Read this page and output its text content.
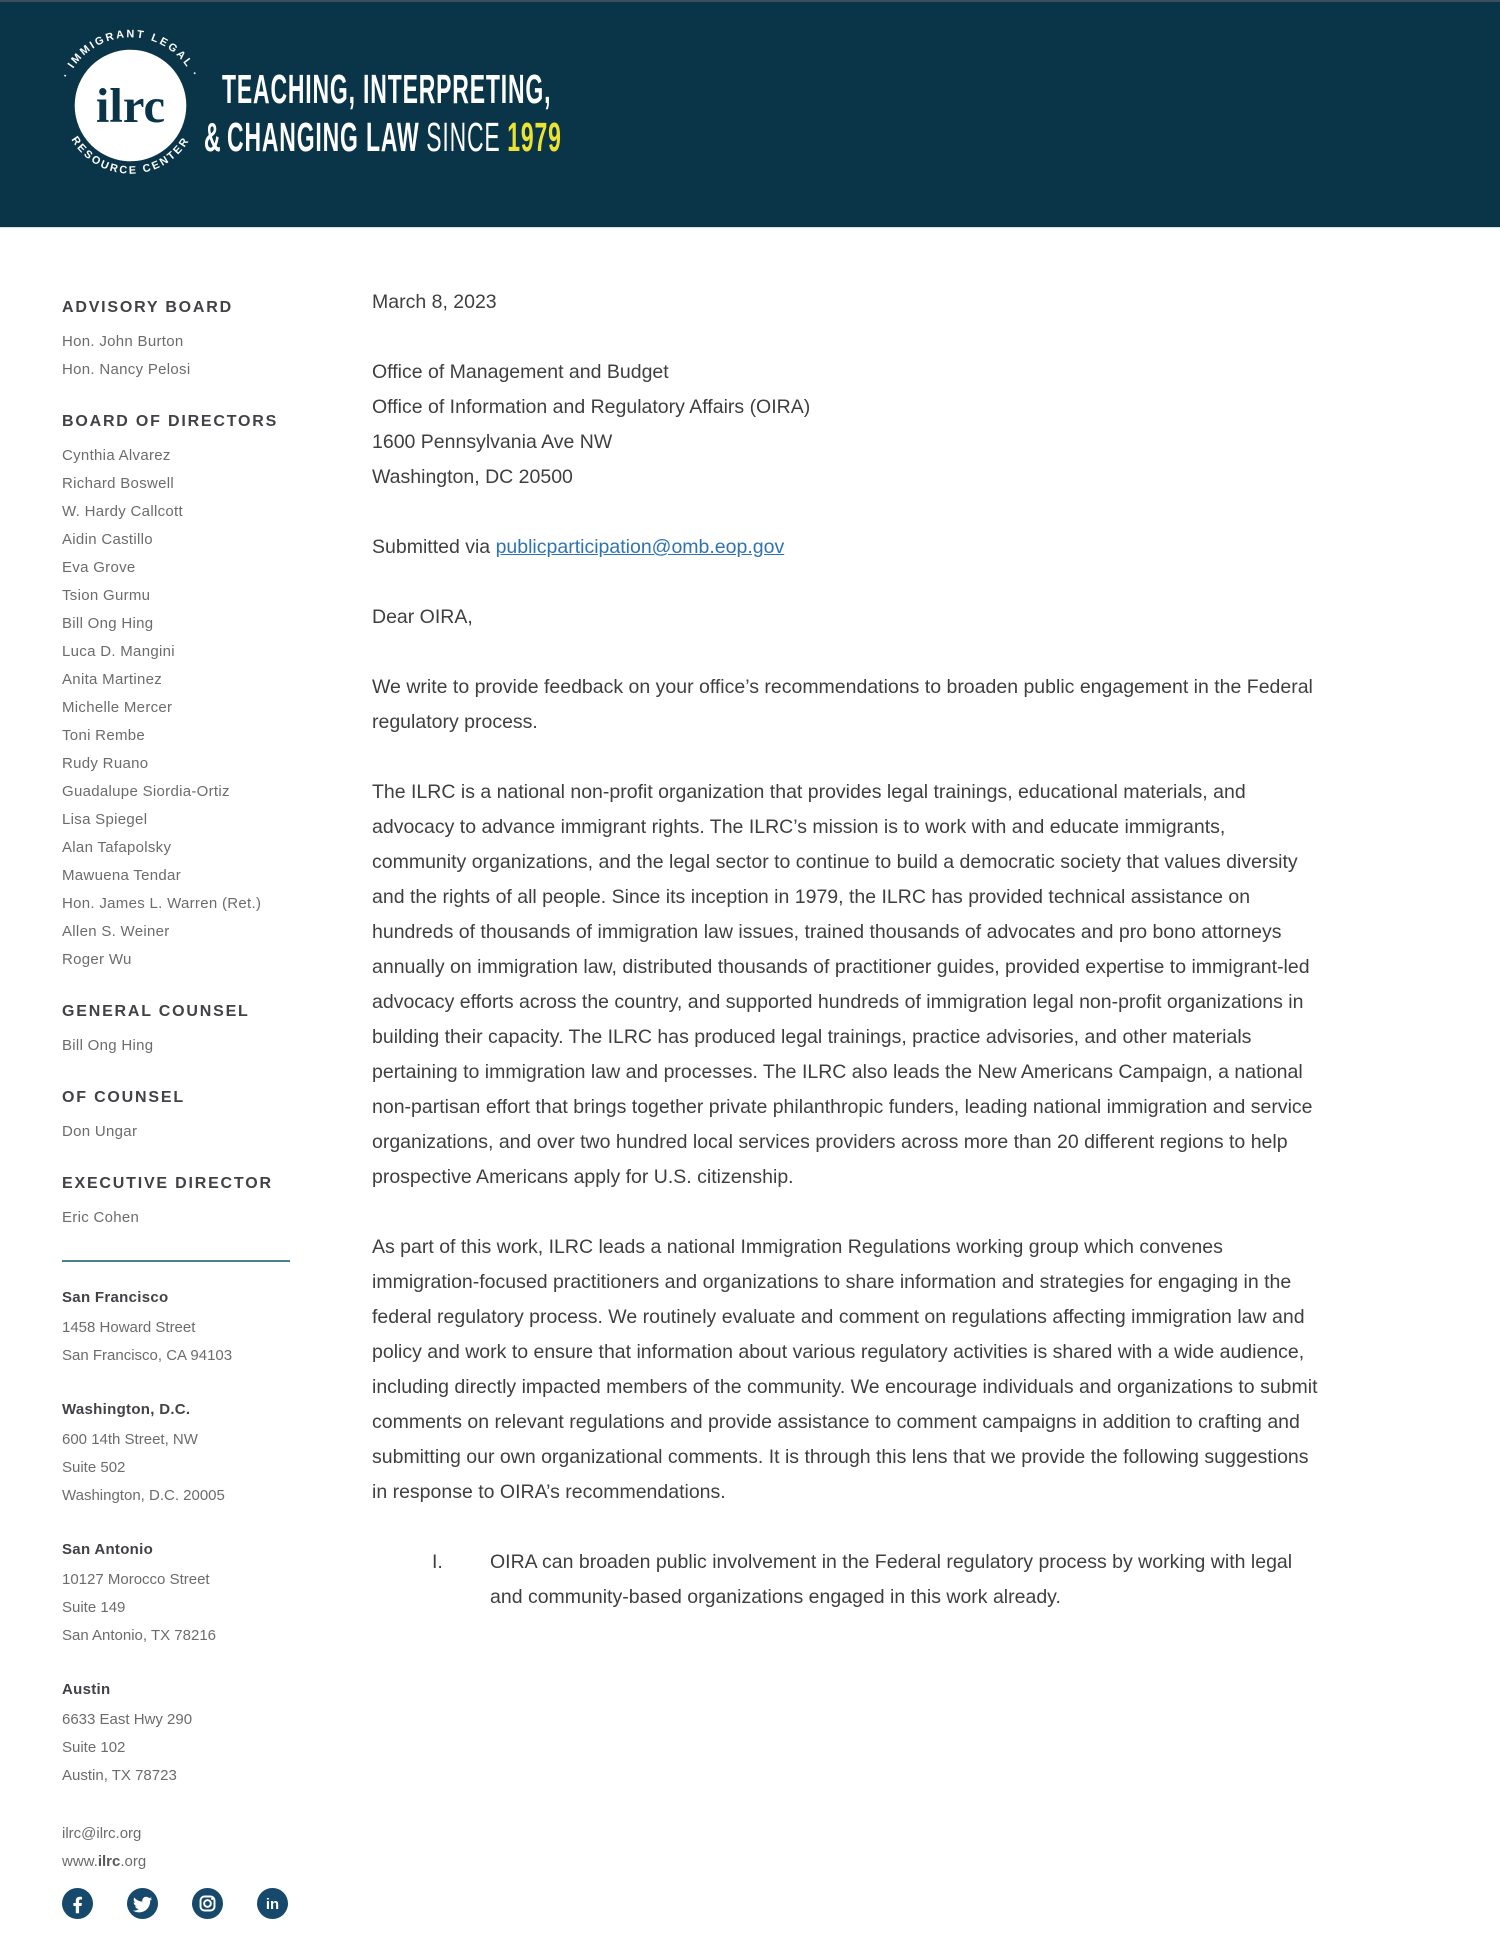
· IMMIGRANT LEGAL ·
RESOURCE CENTER
ilrc TEACHING, INTERPRETING,
& CHANGING LAW SINCE 1979
ADVISORY BOARD
Hon. John Burton
Hon. Nancy Pelosi
BOARD OF DIRECTORS
Cynthia Alvarez
Richard Boswell
W. Hardy Callcott
Aidin Castillo
Eva Grove
Tsion Gurmu
Bill Ong Hing
Luca D. Mangini
Anita Martinez
Michelle Mercer
Toni Rembe
Rudy Ruano
Guadalupe Siordia-Ortiz
Lisa Spiegel
Alan Tafapolsky
Mawuena Tendar
Hon. James L. Warren (Ret.)
Allen S. Weiner
Roger Wu
GENERAL COUNSEL
Bill Ong Hing
OF COUNSEL
Don Ungar
EXECUTIVE DIRECTOR
Eric Cohen
San Francisco
1458 Howard Street
San Francisco, CA 94103
Washington, D.C.
600 14th Street, NW
Suite 502
Washington, D.C. 20005
San Antonio
10127 Morocco Street
Suite 149
San Antonio, TX 78216
Austin
6633 East Hwy 290
Suite 102
Austin, TX 78723
ilrc@ilrc.org
www.ilrc.org
in
March 8, 2023
Office of Management and Budget
Office of Information and Regulatory Affairs (OIRA)
1600 Pennsylvania Ave NW
Washington, DC 20500
Submitted via publicparticipation@omb.eop.gov
Dear OIRA,

We write to provide feedback on your office’s recommendations to broaden public engagement in the Federal regulatory process.

The ILRC is a national non-profit organization that provides legal trainings, educational materials, and advocacy to advance immigrant rights. The ILRC’s mission is to work with and educate immigrants, community organizations, and the legal sector to continue to build a democratic society that values diversity and the rights of all people. Since its inception in 1979, the ILRC has provided technical assistance on hundreds of thousands of immigration law issues, trained thousands of advocates and pro bono attorneys annually on immigration law, distributed thousands of practitioner guides, provided expertise to immigrant-led advocacy efforts across the country, and supported hundreds of immigration legal non-profit organizations in building their capacity. The ILRC has produced legal trainings, practice advisories, and other materials pertaining to immigration law and processes. The ILRC also leads the New Americans Campaign, a national non-partisan effort that brings together private philanthropic funders, leading national immigration and service organizations, and over two hundred local services providers across more than 20 different regions to help prospective Americans apply for U.S. citizenship.

As part of this work, ILRC leads a national Immigration Regulations working group which convenes immigration-focused practitioners and organizations to share information and strategies for engaging in the federal regulatory process. We routinely evaluate and comment on regulations affecting immigration law and policy and work to ensure that information about various regulatory activities is shared with a wide audience, including directly impacted members of the community. We encourage individuals and organizations to submit comments on relevant regulations and provide assistance to comment campaigns in addition to crafting and submitting our own organizational comments. It is through this lens that we provide the following suggestions in response to OIRA’s recommendations.

I.	OIRA can broaden public involvement in the Federal regulatory process by working with legal and community-based organizations engaged in this work already.
